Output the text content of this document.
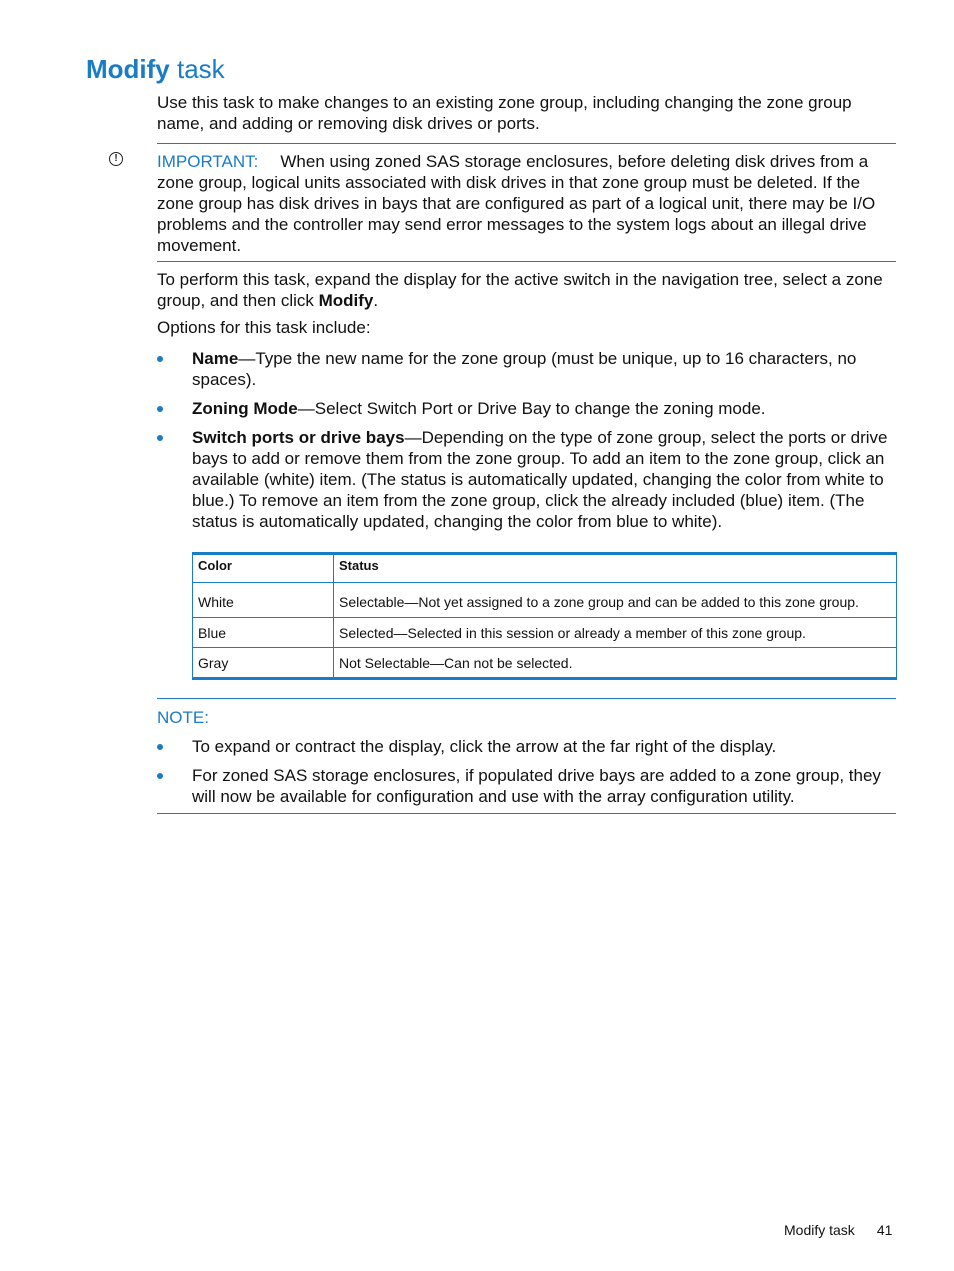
Modify task

Use this task to make changes to an existing zone group, including changing the zone group name, and adding or removing disk drives or ports.

!	IMPORTANT: When using zoned SAS storage enclosures, before deleting disk drives from a zone group, logical units associated with disk drives in that zone group must be deleted. If the zone group has disk drives in bays that are configured as part of a logical unit, there may be I/O problems and the controller may send error messages to the system logs about an illegal drive movement.

To perform this task, expand the display for the active switch in the navigation tree, select a zone group, and then click Modify.

Options for this task include:

Name—Type the new name for the zone group (must be unique, up to 16 characters, no spaces).
Zoning Mode—Select Switch Port or Drive Bay to change the zoning mode.
Switch ports or drive bays—Depending on the type of zone group, select the ports or drive bays to add or remove them from the zone group. To add an item to the zone group, click an available (white) item. (The status is automatically updated, changing the color from white to blue.) To remove an item from the zone group, click the already included (blue) item. (The status is automatically updated, changing the color from blue to white).
Color	Status
White	Selectable—Not yet assigned to a zone group and can be added to this zone group.
Blue	Selected—Selected in this session or already a member of this zone group.
Gray	Not Selectable—Can not be selected.

NOTE:

To expand or contract the display, click the arrow at the far right of the display.
For zoned SAS storage enclosures, if populated drive bays are added to a zone group, they will now be available for configuration and use with the array configuration utility.
Modify task 41
